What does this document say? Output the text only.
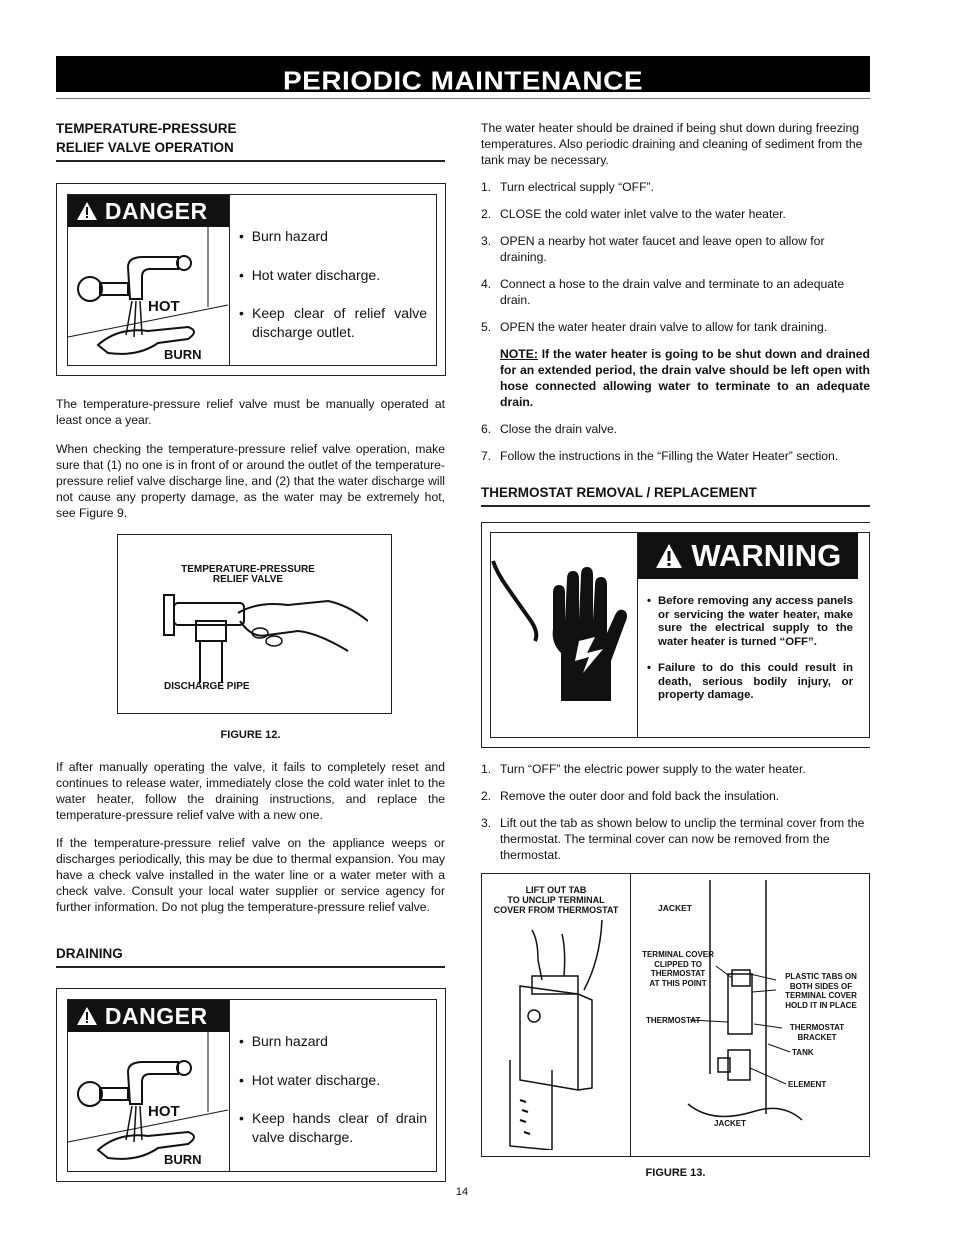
PERIODIC MAINTENANCE
TEMPERATURE-PRESSURE
RELIEF VALVE OPERATION
DANGER
HOT
BURN
•  Burn hazard
•  Hot water discharge.
• Keep clear of relief valve discharge outlet.
The temperature-pressure relief valve must be manually operated at least once a year.
When checking the temperature-pressure relief valve operation, make sure that (1) no one is in front of or around the outlet of the temperature-pressure relief valve discharge line, and (2) that the water discharge will not cause any property damage, as the water may be extremely hot, see Figure 9.
TEMPERATURE-PRESSURE
RELIEF VALVE
DISCHARGE PIPE
FIGURE 12.
If after manually operating the valve, it fails to completely reset and continues to release water, immediately close the cold water inlet to the water heater, follow the draining instructions, and replace the temperature-pressure relief valve with a new one.
If the temperature-pressure relief valve on the appliance weeps or discharges periodically, this may be due to thermal expansion. You may have a check valve installed in the water line or a water meter with a check valve. Consult your local water supplier or service agency for further information. Do not plug the temperature-pressure relief valve.
DRAINING
DANGER
HOT
BURN
•  Burn hazard
•  Hot water discharge.
• Keep hands clear of drain valve discharge.
The water heater should be drained if being shut down during freezing temperatures. Also periodic draining and cleaning of sediment from the tank may be necessary.
1. Turn electrical supply “OFF”.
2. CLOSE the cold water inlet valve to the water heater.
3. OPEN a nearby hot water faucet and leave open to allow for draining.
4. Connect a hose to the drain valve and terminate to an adequate drain.
5. OPEN the water heater drain valve to allow for tank draining.
NOTE: If the water heater is going to be shut down and drained for an extended period, the drain valve should be left open with hose connected allowing water to terminate to an adequate drain.
6. Close the drain valve.
7. Follow the instructions in the “Filling the Water Heater” section.
THERMOSTAT REMOVAL / REPLACEMENT
WARNING
• Before removing any access panels or servicing the water heater, make sure the electrical supply to the water heater is turned “OFF”.
• Failure to do this could result in death, serious bodily injury, or property damage.
1. Turn “OFF” the electric power supply to the water heater.
2. Remove the outer door and fold back the insulation.
3. Lift out the tab as shown below to unclip the terminal cover from the thermostat. The terminal cover can now be removed from the thermostat.
LIFT OUT TAB
TO UNCLIP TERMINAL
COVER FROM THERMOSTAT	JACKET
TERMINAL COVER
CLIPPED TO
THERMOSTAT
AT THIS POINT
PLASTIC TABS ON
BOTH SIDES OF
TERMINAL COVER
HOLD IT IN PLACE
THERMOSTAT
THERMOSTAT
BRACKET
TANK
ELEMENT
JACKET
FIGURE 13.
14
